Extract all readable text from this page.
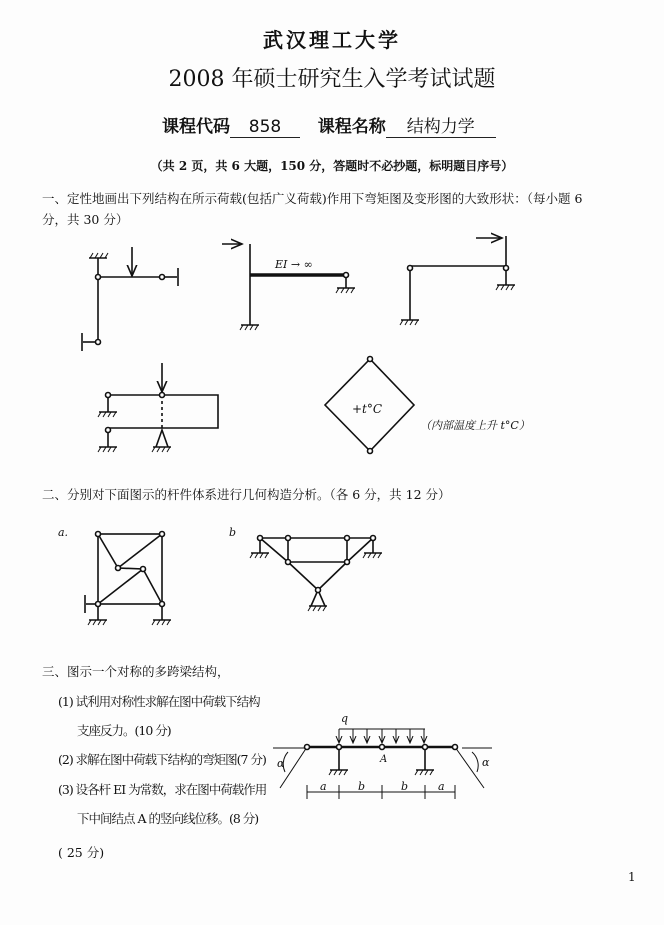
武汉理工大学
2008 年硕士研究生入学考试试题
课程代码 858 课程名称 结构力学
（共 2 页，共 6 大题，150 分，答题时不必抄题，标明题目序号）
一、定性地画出下列结构在所示荷载(包括广义荷载)作用下弯矩图及变形图的大致形状：（每小题 6
分，共 30 分）
二、分别对下面图示的杆件体系进行几何构造分析。（各 6 分，共 12 分）
三、图示一个对称的多跨梁结构，
(1) 试利用对称性求解在图中荷载下结构
支座反力。(10 分)
(2) 求解在图中荷载下结构的弯矩图(7 分)
(3) 设各杆 EI 为常数，求在图中荷载作用
下中间结点 A 的竖向线位移。(8 分)
( 25 分)
1
EI → ∞
+t°C
（内部温度上升 t°C）
a.	b
q
A
α	α
a	b	b	a
